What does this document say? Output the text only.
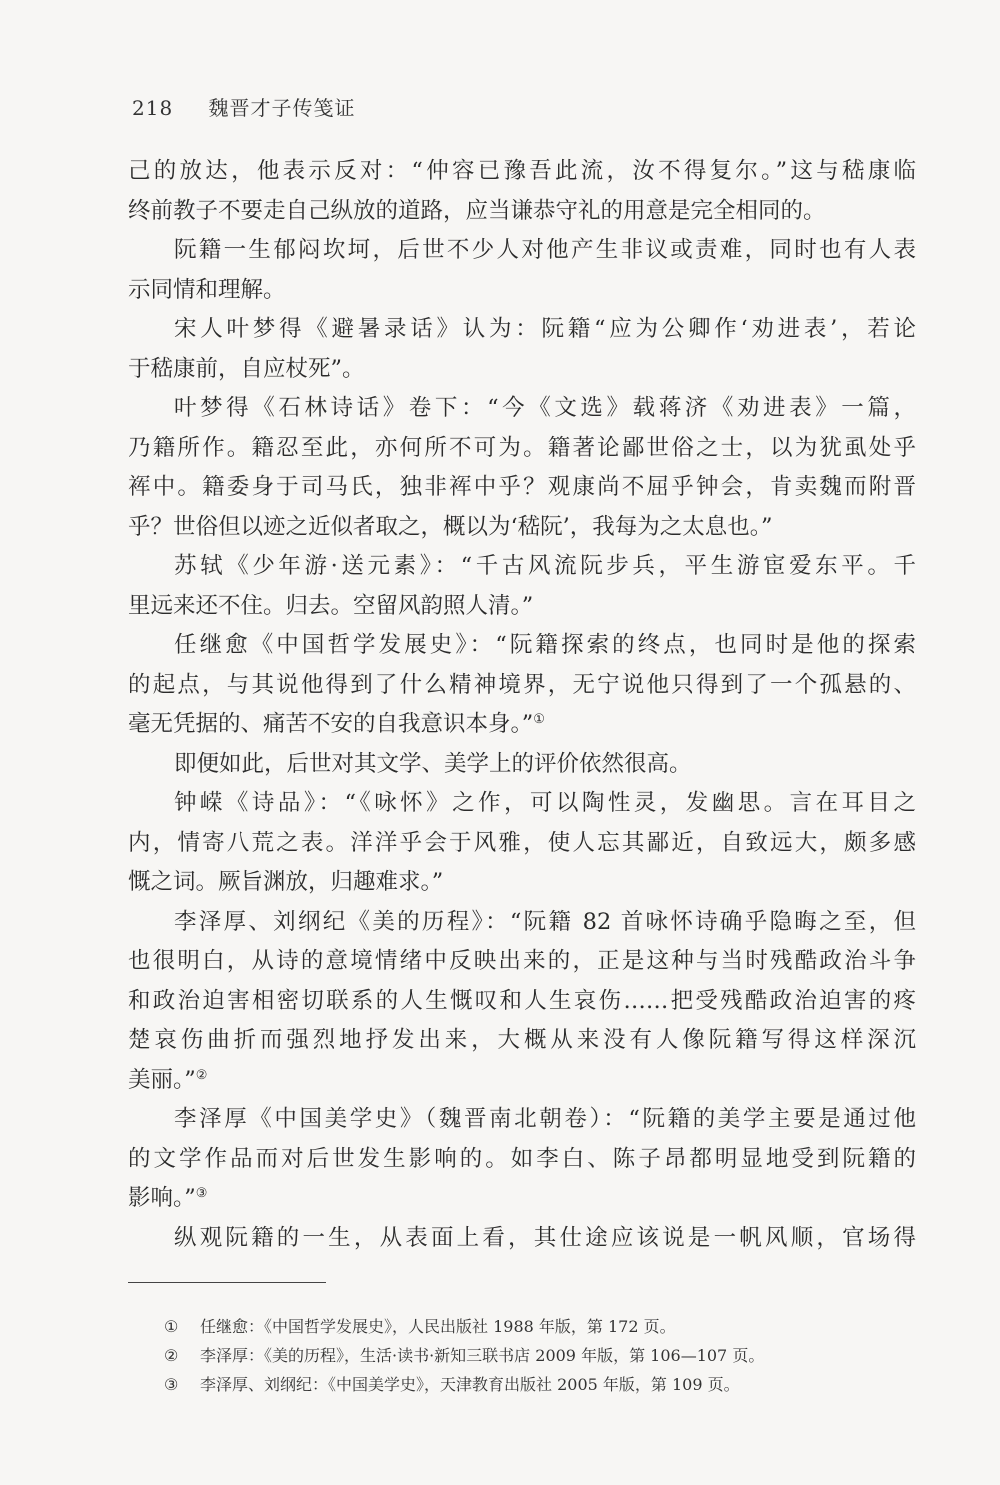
218 魏晋才子传笺证
己的放达，他表示反对：“仲容已豫吾此流，汝不得复尔。”这与嵇康临
终前教子不要走自己纵放的道路，应当谦恭守礼的用意是完全相同的。
阮籍一生郁闷坎坷，后世不少人对他产生非议或责难，同时也有人表
示同情和理解。
宋人叶梦得《避暑录话》认为：阮籍“应为公卿作‘劝进表’，若论
于嵇康前，自应杖死”。
叶梦得《石林诗话》卷下：“今《文选》载蒋济《劝进表》一篇，
乃籍所作。籍忍至此，亦何所不可为。籍著论鄙世俗之士，以为犹虱处乎
裈中。籍委身于司马氏，独非裈中乎？观康尚不屈乎钟会，肯卖魏而附晋
乎？世俗但以迹之近似者取之，概以为‘嵇阮’，我每为之太息也。”
苏轼《少年游·送元素》：“千古风流阮步兵，平生游宦爱东平。千
里远来还不住。归去。空留风韵照人清。”
任继愈《中国哲学发展史》：“阮籍探索的终点，也同时是他的探索
的起点，与其说他得到了什么精神境界，无宁说他只得到了一个孤悬的、
毫无凭据的、痛苦不安的自我意识本身。”①
即便如此，后世对其文学、美学上的评价依然很高。
钟嵘《诗品》：“《咏怀》之作，可以陶性灵，发幽思。言在耳目之
内，情寄八荒之表。洋洋乎会于风雅，使人忘其鄙近，自致远大，颇多感
慨之词。厥旨渊放，归趣难求。”
李泽厚、刘纲纪《美的历程》：“阮籍 82 首咏怀诗确乎隐晦之至，但
也很明白，从诗的意境情绪中反映出来的，正是这种与当时残酷政治斗争
和政治迫害相密切联系的人生慨叹和人生哀伤……把受残酷政治迫害的疼
楚哀伤曲折而强烈地抒发出来，大概从来没有人像阮籍写得这样深沉
美丽。”②
李泽厚《中国美学史》（魏晋南北朝卷）：“阮籍的美学主要是通过他
的文学作品而对后世发生影响的。如李白、陈子昂都明显地受到阮籍的
影响。”③
纵观阮籍的一生，从表面上看，其仕途应该说是一帆风顺，官场得
① 任继愈：《中国哲学发展史》，人民出版社 1988 年版，第 172 页。
② 李泽厚：《美的历程》，生活·读书·新知三联书店 2009 年版，第 106—107 页。
③ 李泽厚、刘纲纪：《中国美学史》，天津教育出版社 2005 年版，第 109 页。
